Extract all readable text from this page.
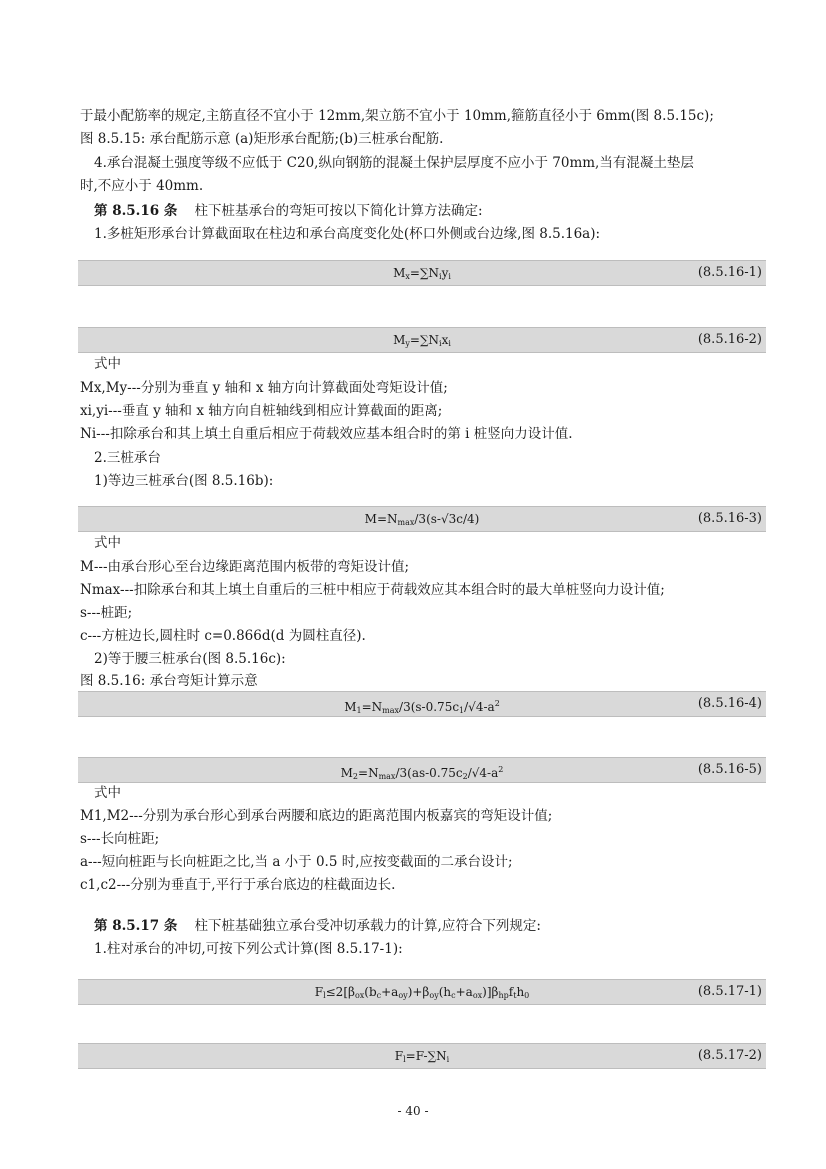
于最小配筋率的规定,主筋直径不宜小于 12mm,架立筋不宜小于 10mm,箍筋直径小于 6mm(图 8.5.15c);
图 8.5.15: 承台配筋示意 (a)矩形承台配筋;(b)三桩承台配筋.
4.承台混凝土强度等级不应低于 C20,纵向钢筋的混凝土保护层厚度不应小于 70mm,当有混凝土垫层
时,不应小于 40mm.
第 8.5.16 条 柱下桩基承台的弯矩可按以下简化计算方法确定:
1.多桩矩形承台计算截面取在柱边和承台高度变化处(杯口外侧或台边缘,图 8.5.16a):
$M_x=\sum N_iy_i$	(8.5.16-1)
$M_y=\sum N_ix_i$	(8.5.16-2)
式中
Mx,My---分别为垂直 y 轴和 x 轴方向计算截面处弯矩设计值;
xi,yi---垂直 y 轴和 x 轴方向自桩轴线到相应计算截面的距离;
Ni---扣除承台和其上填土自重后相应于荷载效应基本组合时的第 i 桩竖向力设计值.
2.三桩承台
1)等边三桩承台(图 8.5.16b):
$M=N_{max}/3(s-√3c/4)$	(8.5.16-3)
式中
M---由承台形心至台边缘距离范围内板带的弯矩设计值;
Nmax---扣除承台和其上填土自重后的三桩中相应于荷载效应其本组合时的最大单桩竖向力设计值;
s---桩距;
c---方桩边长,圆柱时 c=0.866d(d 为圆柱直径).
2)等于腰三桩承台(图 8.5.16c):
图 8.5.16: 承台弯矩计算示意
$M_1=N_{max}/3(s-0.75c_1/√4-a^2$	(8.5.16-4)
$M_2=N_{max}/3(as-0.75c_2/√4-a^2$	(8.5.16-5)
式中
M1,M2---分别为承台形心到承台两腰和底边的距离范围内板嘉宾的弯矩设计值;
s---长向桩距;
a---短向桩距与长向桩距之比,当 a 小于 0.5 时,应按变截面的二承台设计;
c1,c2---分别为垂直于,平行于承台底边的柱截面边长.
第 8.5.17 条 柱下桩基础独立承台受冲切承载力的计算,应符合下列规定:
1.柱对承台的冲切,可按下列公式计算(图 8.5.17-1):
$F_l\le 2[\beta_{ox}(b_c+a_{oy})+\beta_{oy}(h_c+a_{ox})]\beta_{hp}f_th_0$	(8.5.17-1)
$F_l=F-\sum N_i$	(8.5.17-2)
- 40 -
